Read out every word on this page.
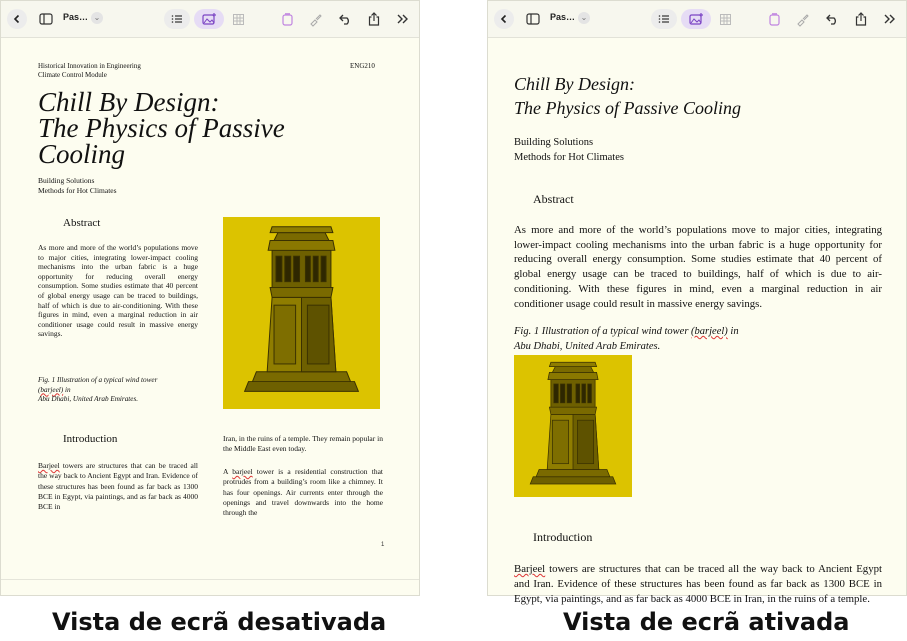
Pas… ⌄

Historical Innovation in Engineering
Climate Control Module

ENG210

Chill By Design:
The Physics of Passive
Cooling

Building Solutions
Methods for Hot Climates

Abstract

As more and more of the world’s populations move to major cities, integrating lower-impact cooling mechanisms into the urban fabric is a huge opportunity for reducing overall energy consumption. Some studies estimate that 40 percent of global energy usage can be traced to buildings, half of which is due to air-conditioning. With these figures in mind, even a marginal reduction in air conditioner usage could result in massive energy savings.

Fig. 1 Illustration of a typical wind tower
(barjeel) in
Abu Dhabi, United Arab Emirates.

Introduction

Barjeel towers are structures that can be traced all the way back to Ancient Egypt and Iran. Evidence of these structures has been found as far back as 1300 BCE in Egypt, via paintings, and as far back as 4000 BCE in

Iran, in the ruins of a temple. They remain popular in the Middle East even today.

A barjeel tower is a residential construction that protrudes from a building’s room like a chimney. It has four openings. Air currents enter through the openings and travel downwards into the home through the

1
Pas… ⌄
Chill By Design:
The Physics of Passive Cooling

Building Solutions
Methods for Hot Climates

Abstract

As more and more of the world’s populations move to major cities, integrating lower-impact cooling mechanisms into the urban fabric is a huge opportunity for reducing overall energy consumption. Some studies estimate that 40 percent of global energy usage can be traced to buildings, half of which is due to air-conditioning. With these figures in mind, even a marginal reduction in air conditioner usage could result in massive energy savings.

Fig. 1 Illustration of a typical wind tower (barjeel) in
Abu Dhabi, United Arab Emirates.

Introduction

Barjeel towers are structures that can be traced all the way back to Ancient Egypt and Iran. Evidence of these structures has been found as far back as 1300 BCE in Egypt, via paintings, and as far back as 4000 BCE in Iran, in the ruins of a temple.

Vista de ecrã desativada	Vista de ecrã ativada
